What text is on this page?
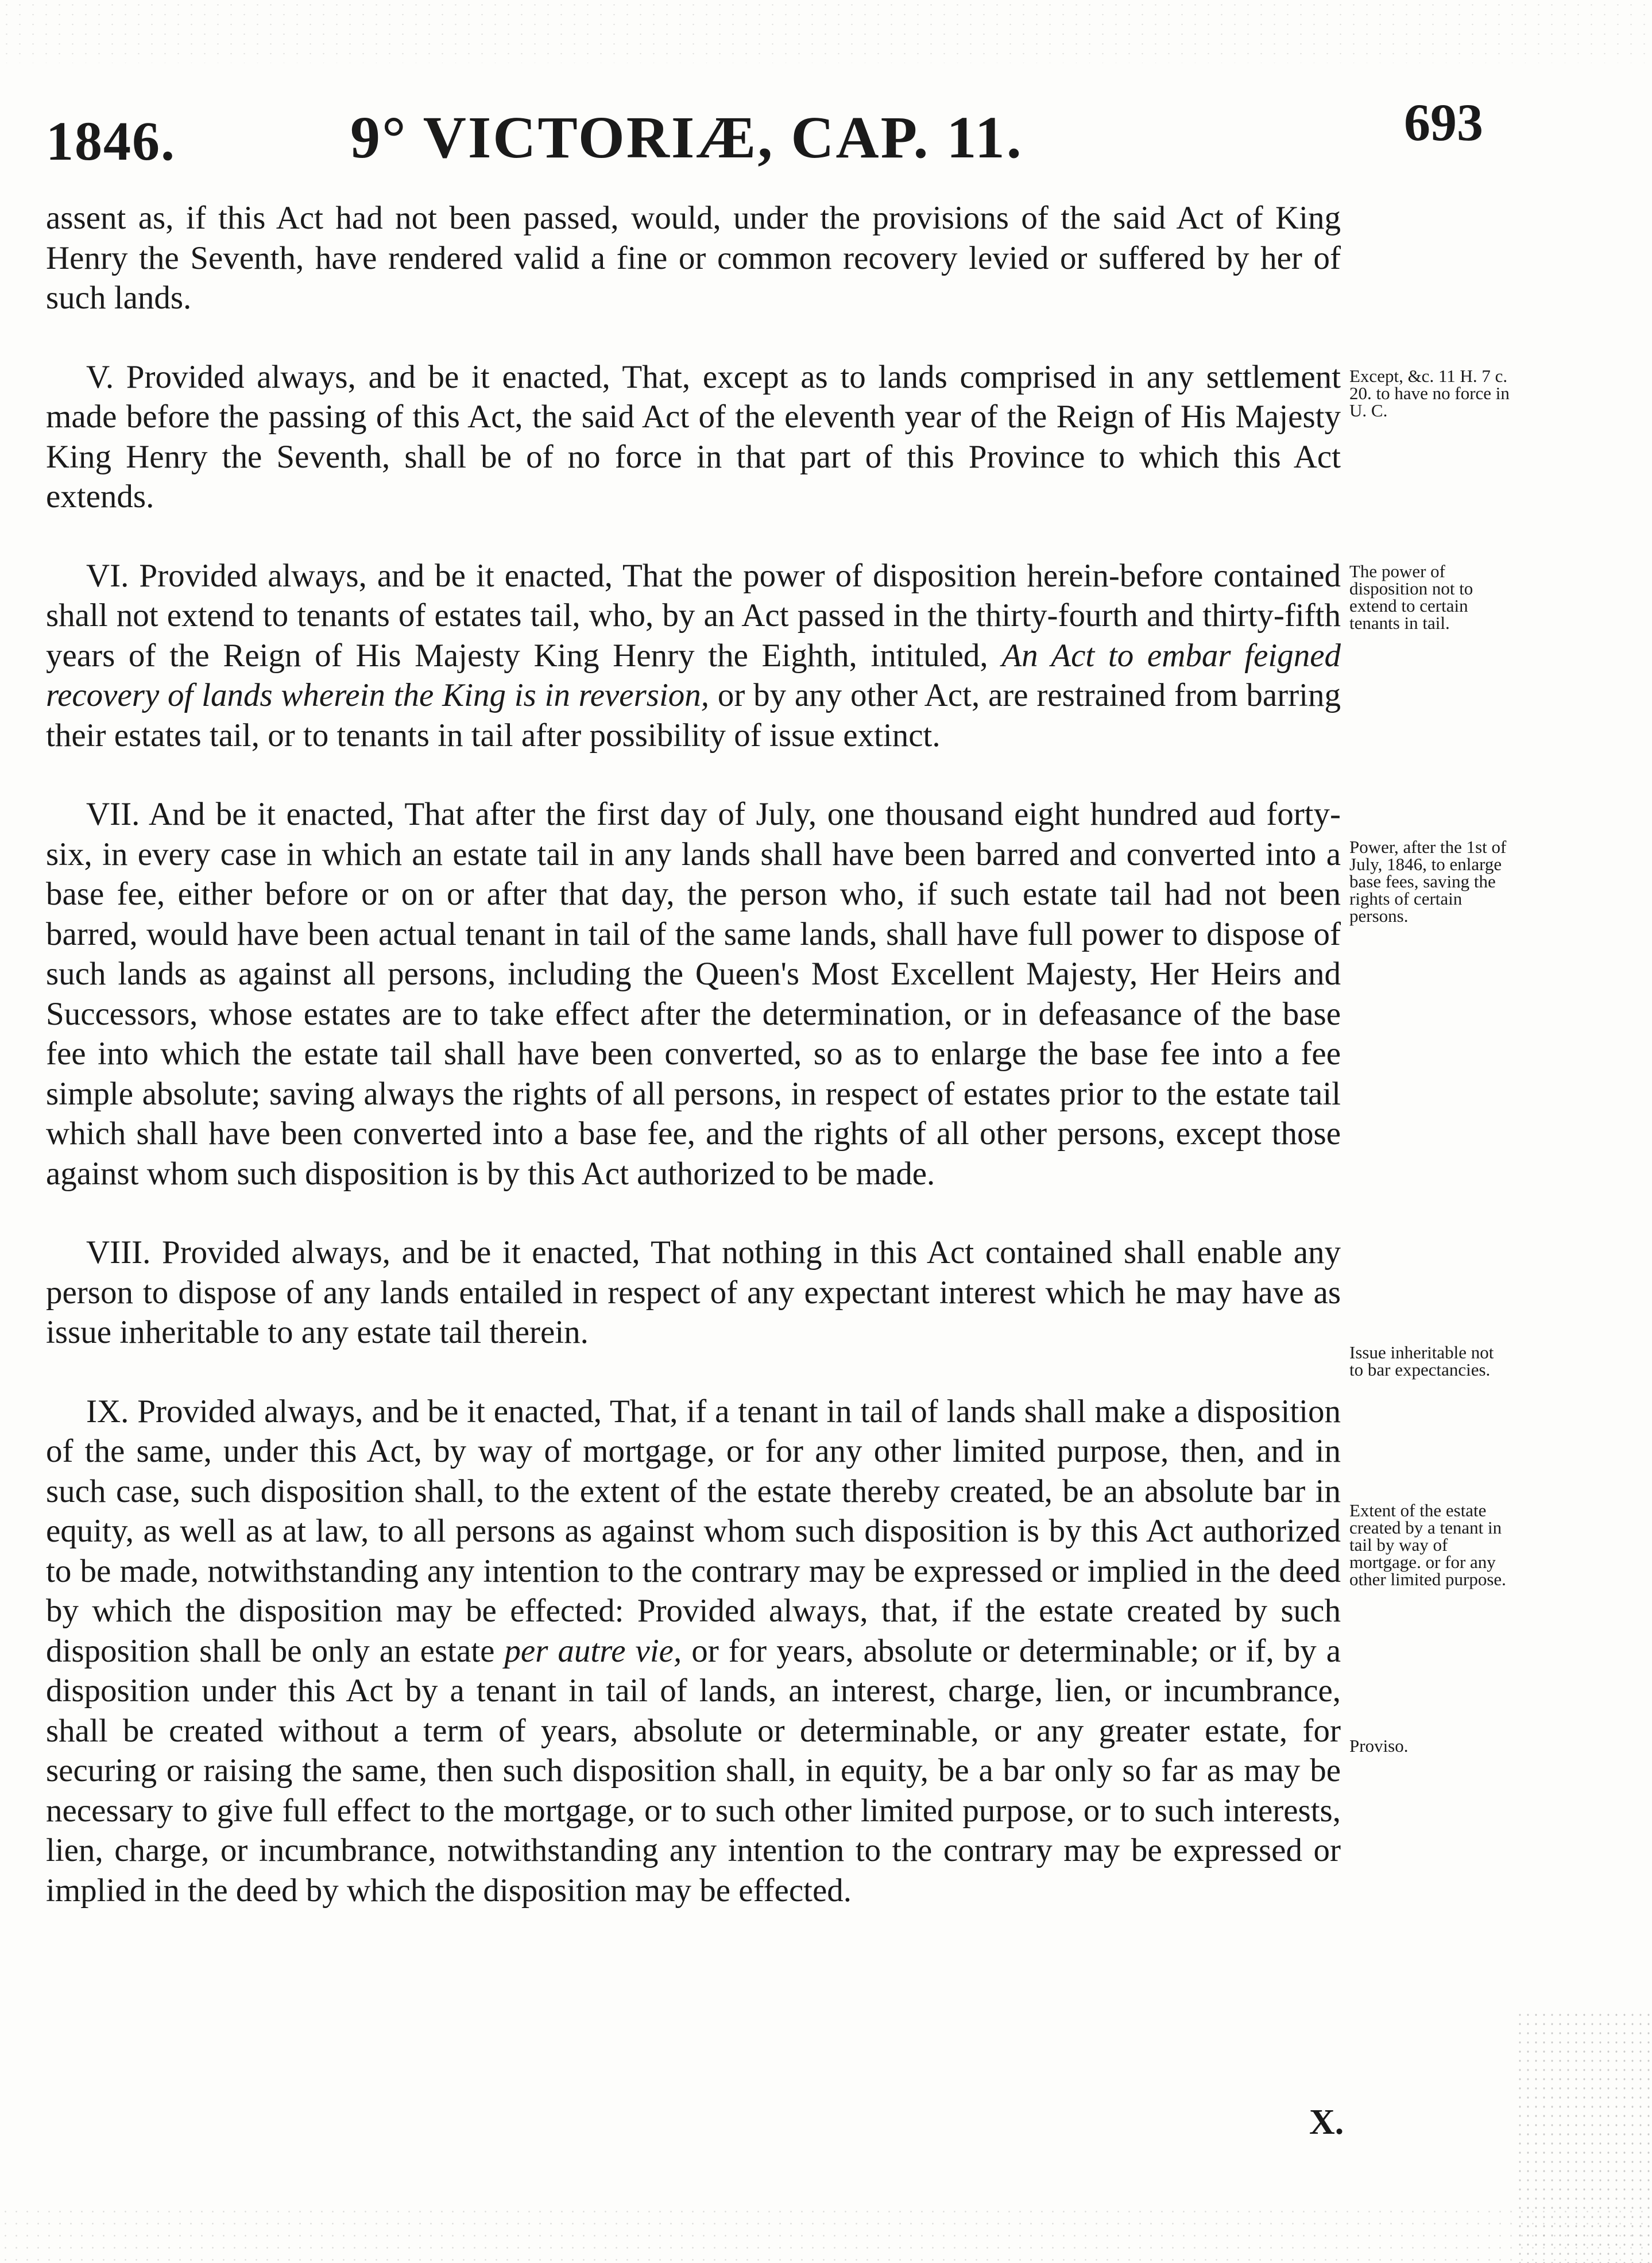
1846.	9° VICTORIÆ, CAP. 11.	693

assent as, if this Act had not been passed, would, under the provisions of the said Act of King Henry the Seventh, have rendered valid a fine or common recovery levied or suffered by her of such lands.

V. Provided always, and be it enacted, That, except as to lands comprised in any settlement made before the passing of this Act, the said Act of the eleventh year of the Reign of His Majesty King Henry the Seventh, shall be of no force in that part of this Province to which this Act extends.

VI. Provided always, and be it enacted, That the power of disposition herein-before contained shall not extend to tenants of estates tail, who, by an Act passed in the thirty-fourth and thirty-fifth years of the Reign of His Majesty King Henry the Eighth, intituled, An Act to embar feigned recovery of lands wherein the King is in reversion, or by any other Act, are restrained from barring their estates tail, or to tenants in tail after possibility of issue extinct.

VII. And be it enacted, That after the first day of July, one thousand eight hundred aud forty-six, in every case in which an estate tail in any lands shall have been barred and converted into a base fee, either before or on or after that day, the person who, if such estate tail had not been barred, would have been actual tenant in tail of the same lands, shall have full power to dispose of such lands as against all persons, including the Queen's Most Excellent Majesty, Her Heirs and Successors, whose estates are to take effect after the determination, or in defeasance of the base fee into which the estate tail shall have been converted, so as to enlarge the base fee into a fee simple absolute; saving always the rights of all persons, in respect of estates prior to the estate tail which shall have been converted into a base fee, and the rights of all other persons, except those against whom such disposition is by this Act authorized to be made.

VIII. Provided always, and be it enacted, That nothing in this Act contained shall enable any person to dispose of any lands entailed in respect of any expectant interest which he may have as issue inheritable to any estate tail therein.

IX. Provided always, and be it enacted, That, if a tenant in tail of lands shall make a disposition of the same, under this Act, by way of mortgage, or for any other limited purpose, then, and in such case, such disposition shall, to the extent of the estate thereby created, be an absolute bar in equity, as well as at law, to all persons as against whom such disposition is by this Act authorized to be made, notwithstanding any intention to the contrary may be expressed or implied in the deed by which the disposition may be effected: Provided always, that, if the estate created by such disposition shall be only an estate per autre vie, or for years, absolute or determinable; or if, by a disposition under this Act by a tenant in tail of lands, an interest, charge, lien, or incumbrance, shall be created without a term of years, absolute or determinable, or any greater estate, for securing or raising the same, then such disposition shall, in equity, be a bar only so far as may be necessary to give full effect to the mortgage, or to such other limited purpose, or to such interests, lien, charge, or incumbrance, notwithstanding any intention to the contrary may be expressed or implied in the deed by which the disposition may be effected.

Except, &c. 11 H. 7 c. 20. to have no force in U. C.
The power of disposition not to extend to certain tenants in tail.
Power, after the 1st of July, 1846, to enlarge base fees, saving the rights of certain persons.
Issue inheritable not to bar expectancies.
Extent of the estate created by a tenant in tail by way of mortgage. or for any other limited purpose.
Proviso.
X.
